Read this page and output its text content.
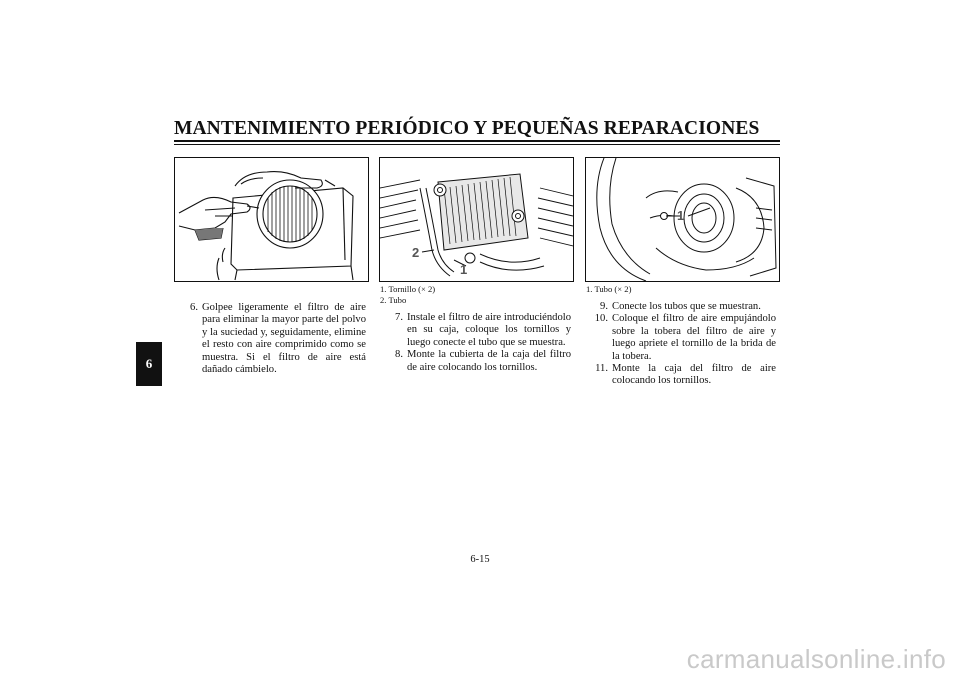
MANTENIMIENTO PERIÓDICO Y PEQUEÑAS REPARACIONES
6
2
1
1
1. Tornillo (× 2)
2. Tubo
1. Tubo (× 2)
6. Golpee ligeramente el filtro de aire para eliminar la mayor parte del polvo y la suciedad y, seguidamente, elimine el resto con aire comprimido como se muestra. Si el filtro de aire está dañado cámbielo.
7. Instale el filtro de aire introduciéndolo en su caja, coloque los tornillos y luego conecte el tubo que se muestra.
8. Monte la cubierta de la caja del filtro de aire colocando los tornillos.
9. Conecte los tubos que se muestran.
10. Coloque el filtro de aire empujándolo sobre la tobera del filtro de aire y luego apriete el tornillo de la brida de la tobera.
11. Monte la caja del filtro de aire colocando los tornillos.
6-15
carmanualsonline.info
